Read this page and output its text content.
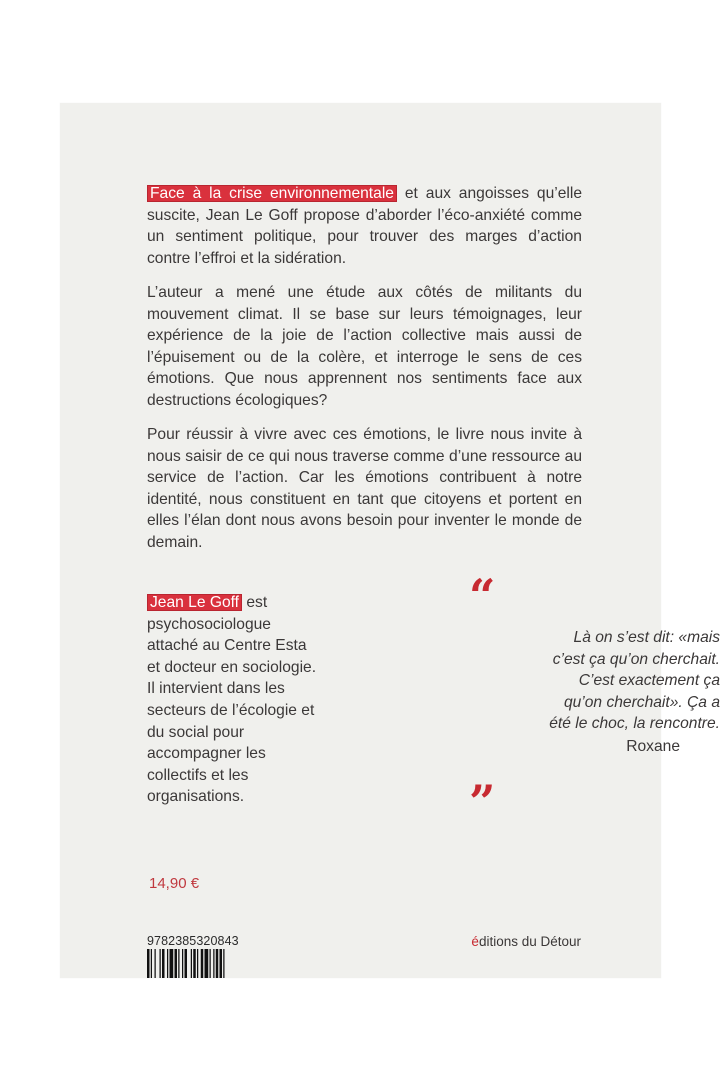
Face à la crise environnementale et aux angoisses qu’elle suscite, Jean Le Goff propose d’aborder l’éco-anxiété comme un sentiment politique, pour trouver des marges d’action contre l’effroi et la sidération.

L’auteur a mené une étude aux côtés de militants du mouvement climat. Il se base sur leurs témoignages, leur expérience de la joie de l’action collective mais aussi de l’épuisement ou de la colère, et interroge le sens de ces émotions. Que nous apprennent nos sentiments face aux destructions écologiques?

Pour réussir à vivre avec ces émotions, le livre nous invite à nous saisir de ce qui nous traverse comme d’une ressource au service de l’action. Car les émotions contribuent à notre identité, nous constituent en tant que citoyens et portent en elles l’élan dont nous avons besoin pour inventer le monde de demain.

Jean Le Goff est psychosociologue attaché au Centre Esta et docteur en sociologie. Il intervient dans les secteurs de l’écologie et du social pour accompagner les collectifs et les organisations.

“

Là on s’est dit: «mais

c’est ça qu’on cherchait.

C’est exactement ça

qu’on cherchait». Ça a

été le choc, la rencontre.

Roxane
”
14,90 €
9782385320843	éditions du Détour
